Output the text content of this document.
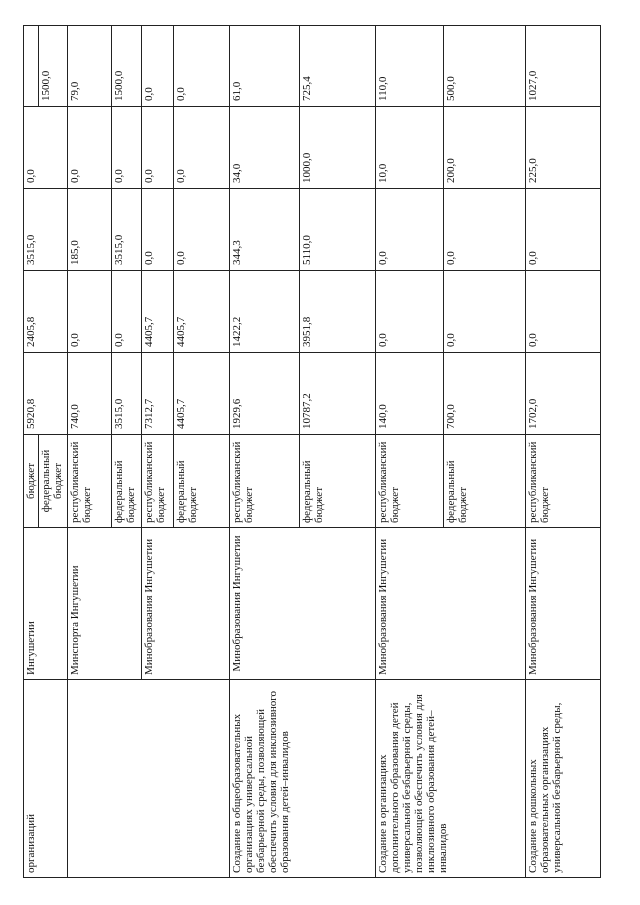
организаций	Ингушетии	бюджет	5920,8	2405,8	3515,0	0,0	
		федеральный бюджет					1500,0
	Минспорта Ингушетии	республиканский бюджет	740,0	0,0	185,0	0,0	79,0
		федеральный бюджет	3515,0	0,0	3515,0	0,0	1500,0
	Минобразования Ингушетии	республиканский бюджет	7312,7	4405,7	0,0	0,0	0,0
		федеральный бюджет	4405,7	4405,7	0,0	0,0	0,0
Создание в общеобразовательных организациях универсальной безбарьерной среды, позволяющей обеспечить условия для инклюзивного образования детей–инвалидов	Минобразования Ингушетии	республиканский бюджет	1929,6	1422,2	344,3	34,0	61,0
		федеральный бюджет	10787,2	3951,8	5110,0	1000,0	725,4
Создание в организациях дополнительного образования детей универсальной безбарьерной среды, позволяющей обеспечить условия для инклюзивного образования детей–инвалидов	Минобразования Ингушетии	республиканский бюджет	140,0	0,0	0,0	10,0	110,0
		федеральный бюджет	700,0	0,0	0,0	200,0	500,0
Создание в дошкольных образовательных организациях универсальной безбарьерной среды,	Минобразования Ингушетии	республиканский бюджет	1702,0	0,0	0,0	225,0	1027,0
